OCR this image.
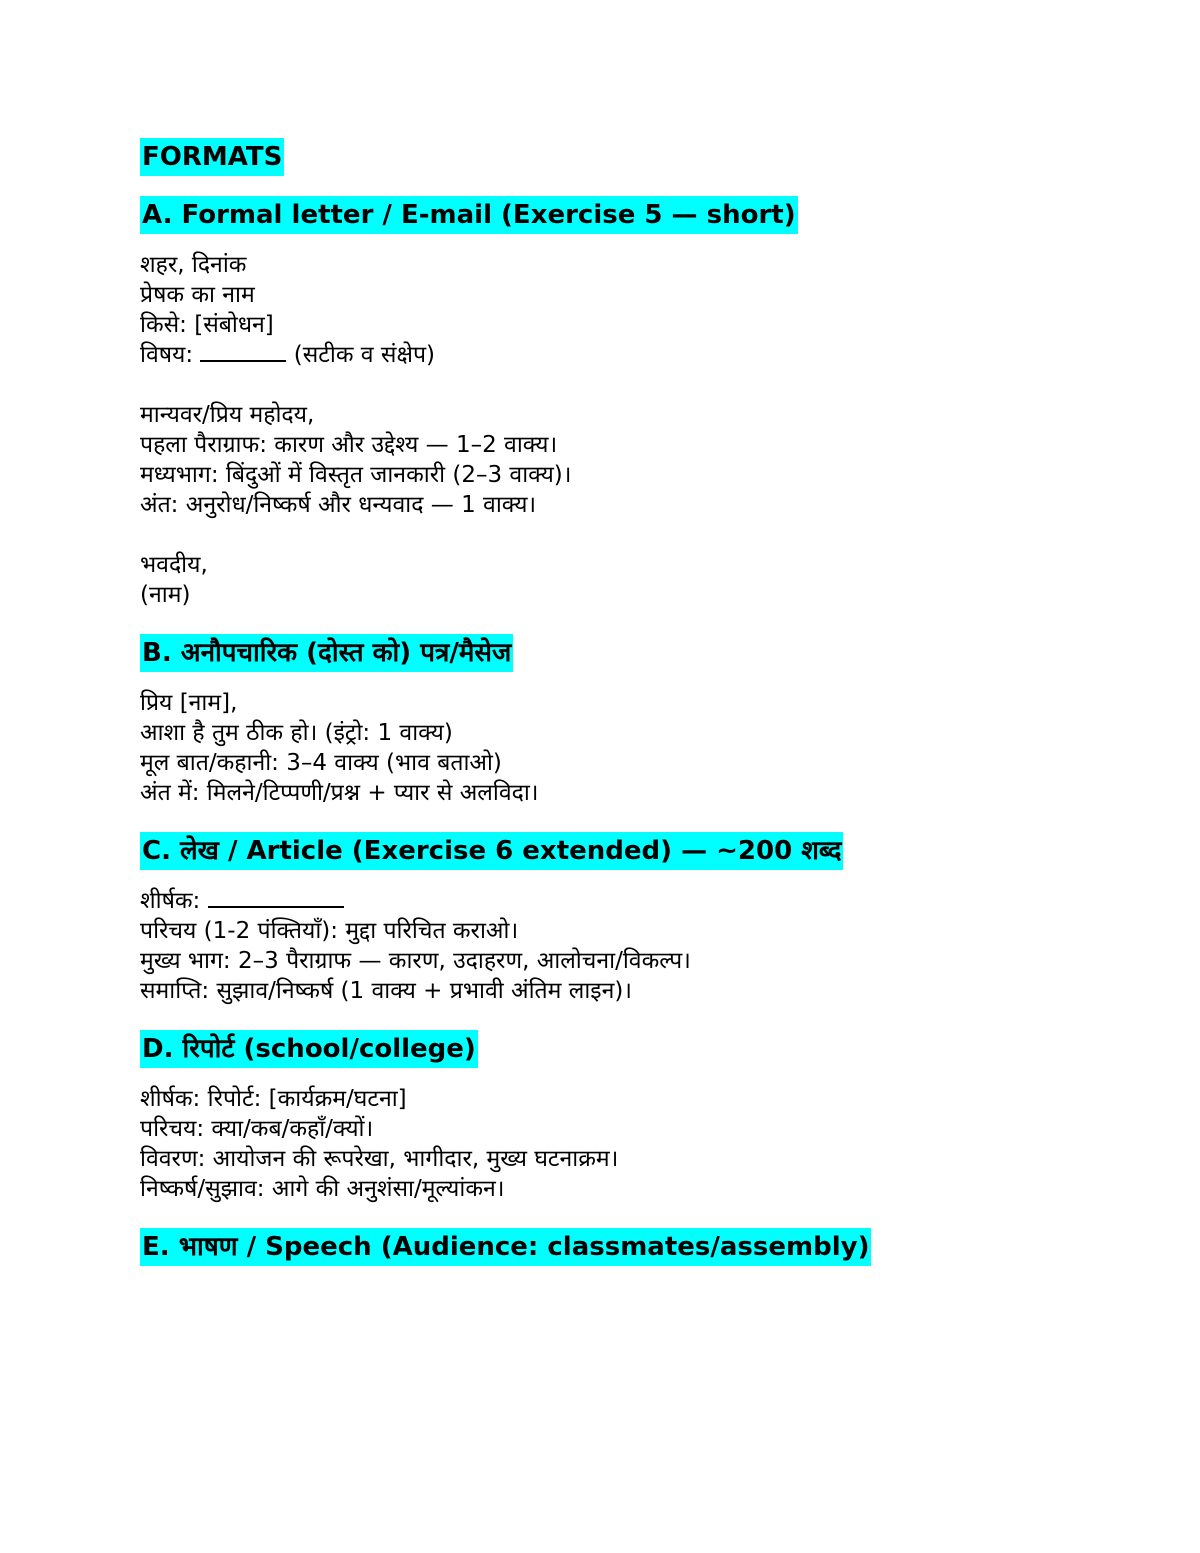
FORMATS
A. Formal letter / E-mail (Exercise 5 — short)
शहर, दिनांक
प्रेषक का नाम
किसे: [संबोधन]
विषय:	(सटीक व संक्षेप)
मान्यवर/प्रिय महोदय,
पहला पैराग्राफ: कारण और उद्देश्य — 1–2 वाक्य।
मध्यभाग: बिंदुओं में विस्तृत जानकारी (2–3 वाक्य)।
अंत: अनुरोध/निष्कर्ष और धन्यवाद — 1 वाक्य।
भवदीय,
(नाम)
B. अनौपचारिक (दोस्त को) पत्र/मैसेज
प्रिय [नाम],
आशा है तुम ठीक हो। (इंट्रो: 1 वाक्य)
मूल बात/कहानी: 3–4 वाक्य (भाव बताओ)
अंत में: मिलने/टिप्पणी/प्रश्न + प्यार से अलविदा।
C. लेख / Article (Exercise 6 extended) — ~200 शब्द
शीर्षक:
परिचय (1-2 पंक्तियाँ): मुद्दा परिचित कराओ।
मुख्य भाग: 2–3 पैराग्राफ — कारण, उदाहरण, आलोचना/विकल्प।
समाप्ति: सुझाव/निष्कर्ष (1 वाक्य + प्रभावी अंतिम लाइन)।
D. रिपोर्ट (school/college)
शीर्षक: रिपोर्ट: [कार्यक्रम/घटना]
परिचय: क्या/कब/कहाँ/क्यों।
विवरण: आयोजन की रूपरेखा, भागीदार, मुख्य घटनाक्रम।
निष्कर्ष/सुझाव: आगे की अनुशंसा/मूल्यांकन।
E. भाषण / Speech (Audience: classmates/assembly)
